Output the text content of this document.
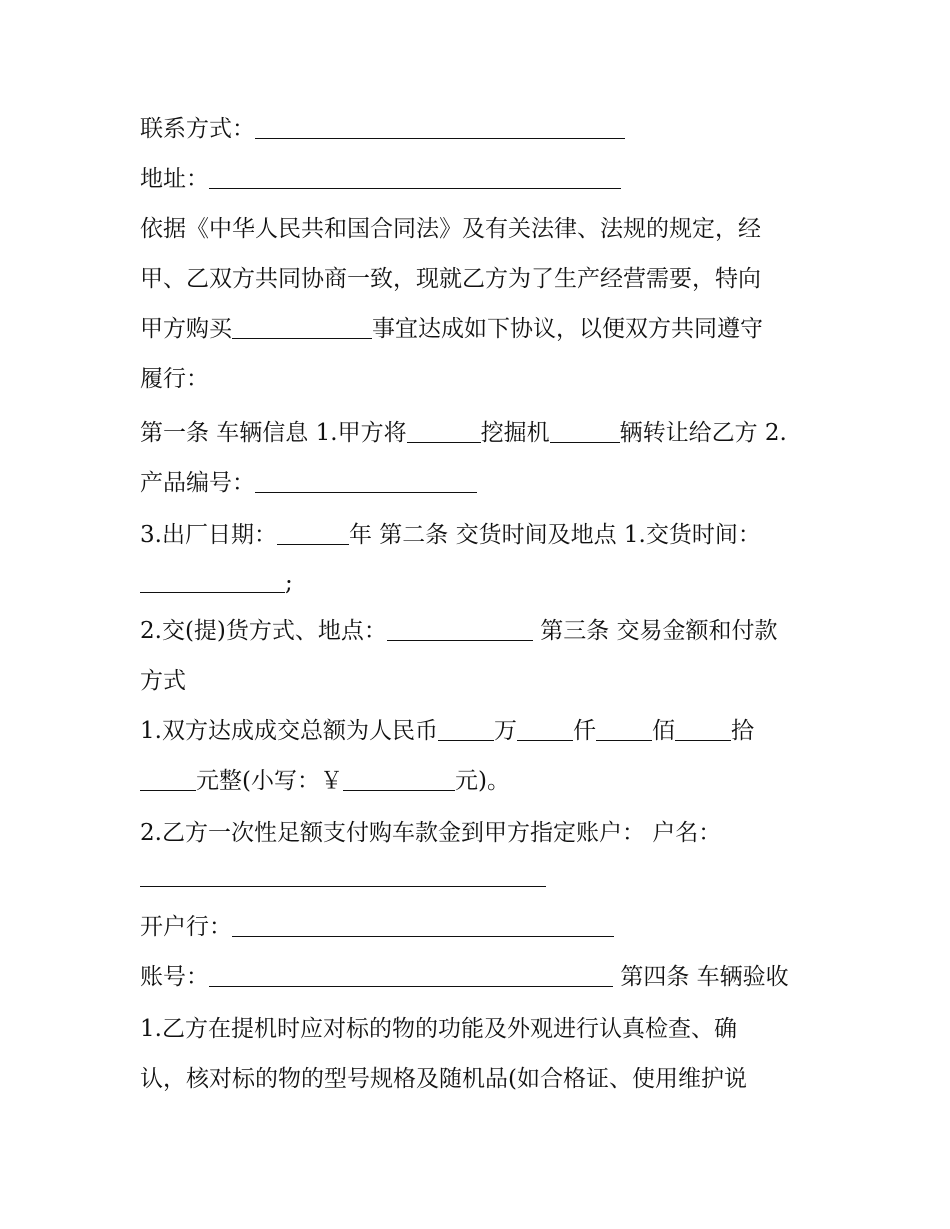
联系方式：
地址：
依据《中华人民共和国合同法》及有关法律、法规的规定，经
甲、乙双方共同协商一致，现就乙方为了生产经营需要，特向
甲方购买	事宜达成如下协议，以便双方共同遵守
履行：
第一条 车辆信息 1.甲方将	挖掘机	辆转让给乙方 2.
产品编号：
3.出厂日期：	年 第二条 交货时间及地点 1.交货时间：
;
2.交(提)货方式、地点：	第三条 交易金额和付款
方式
1.双方达成成交总额为人民币 万 仟 佰 拾
元整(小写：￥	元)。
2.乙方一次性足额支付购车款金到甲方指定账户： 户名：
开户行：
账号：	第四条 车辆验收
1.乙方在提机时应对标的物的功能及外观进行认真检查、确
认，核对标的物的型号规格及随机品(如合格证、使用维护说
